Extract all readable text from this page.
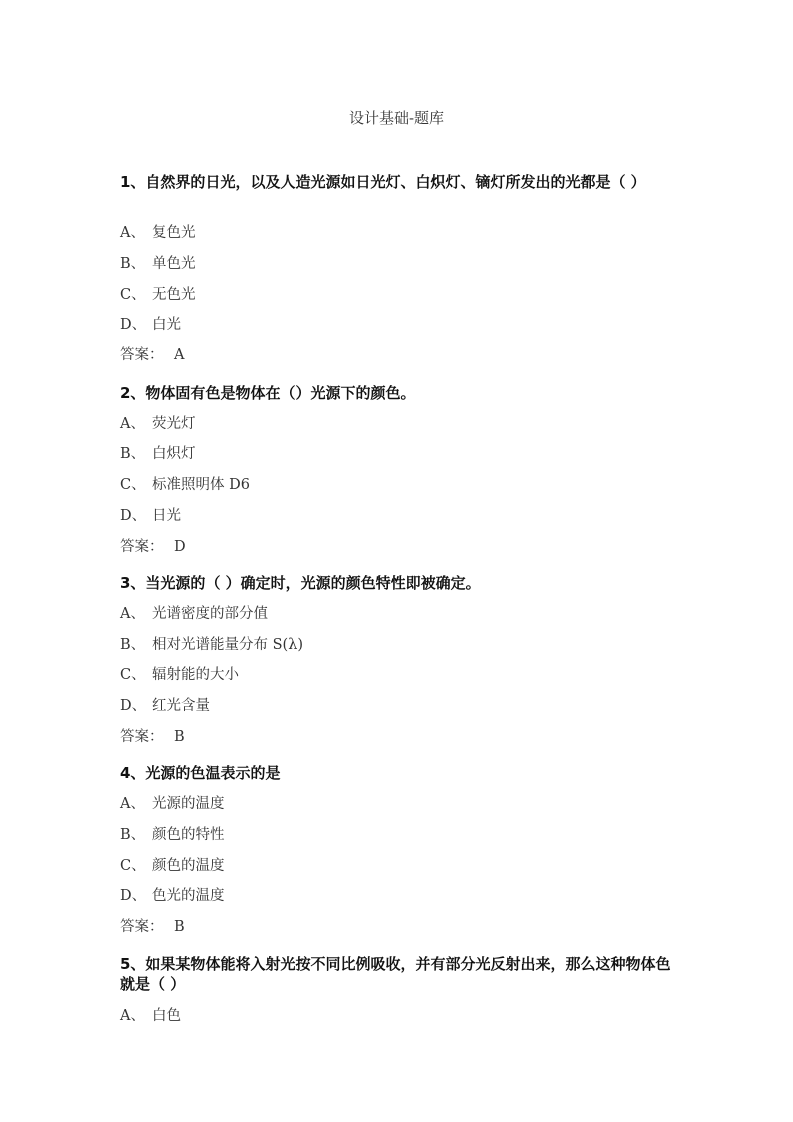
设计基础-题库
1、自然界的日光，以及人造光源如日光灯、白炽灯、镝灯所发出的光都是（ ）
A、 复色光
B、 单色光
C、 无色光
D、 白光
答案： A
2、物体固有色是物体在（）光源下的颜色。
A、 荧光灯
B、 白炽灯
C、 标准照明体 D6
D、 日光
答案： D
3、当光源的（ ）确定时，光源的颜色特性即被确定。
A、 光谱密度的部分值
B、 相对光谱能量分布 S(λ)
C、 辐射能的大小
D、 红光含量
答案： B
4、光源的色温表示的是
A、 光源的温度
B、 颜色的特性
C、 颜色的温度
D、 色光的温度
答案： B
5、如果某物体能将入射光按不同比例吸收，并有部分光反射出来，那么这种物体色就是（ ）
A、 白色
